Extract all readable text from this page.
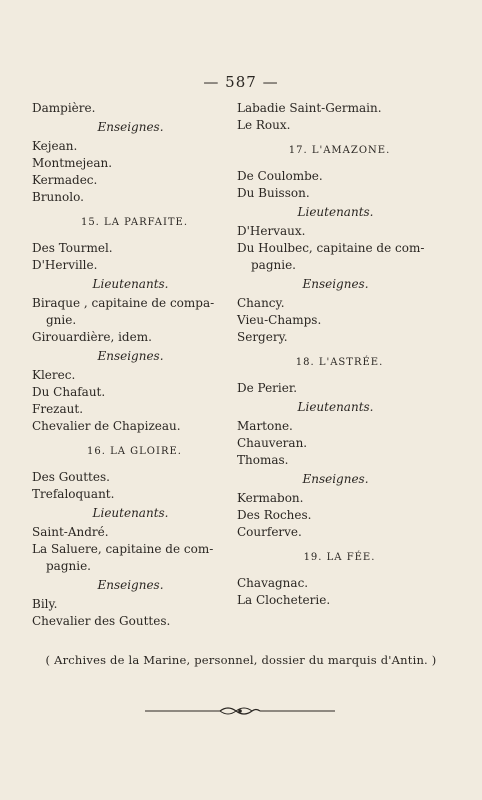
— 587 —
Dampière.
Enseignes.
Kejean.
Montmejean.
Kermadec.
Brunolo.
15. LA PARFAITE.
Des Tourmel.
D'Herville.
Lieutenants.
Biraque , capitaine de compa-
gnie.
Girouardière, idem.
Enseignes.
Klerec.
Du Chafaut.
Frezaut.
Chevalier de Chapizeau.
16. LA GLOIRE.
Des Gouttes.
Trefaloquant.
Lieutenants.
Saint-André.
La Saluere, capitaine de com-
pagnie.
Enseignes.
Bily.
Chevalier des Gouttes.
Labadie Saint-Germain.
Le Roux.
17. L'AMAZONE.
De Coulombe.
Du Buisson.
Lieutenants.
D'Hervaux.
Du Houlbec, capitaine de com-
pagnie.
Enseignes.
Chancy.
Vieu-Champs.
Sergery.
18. L'ASTRÉE.
De Perier.
Lieutenants.
Martone.
Chauveran.
Thomas.
Enseignes.
Kermabon.
Des Roches.
Courferve.
19. LA FÉE.
Chavagnac.
La Clocheterie.
( Archives de la Marine, personnel, dossier du marquis d'Antin. )
